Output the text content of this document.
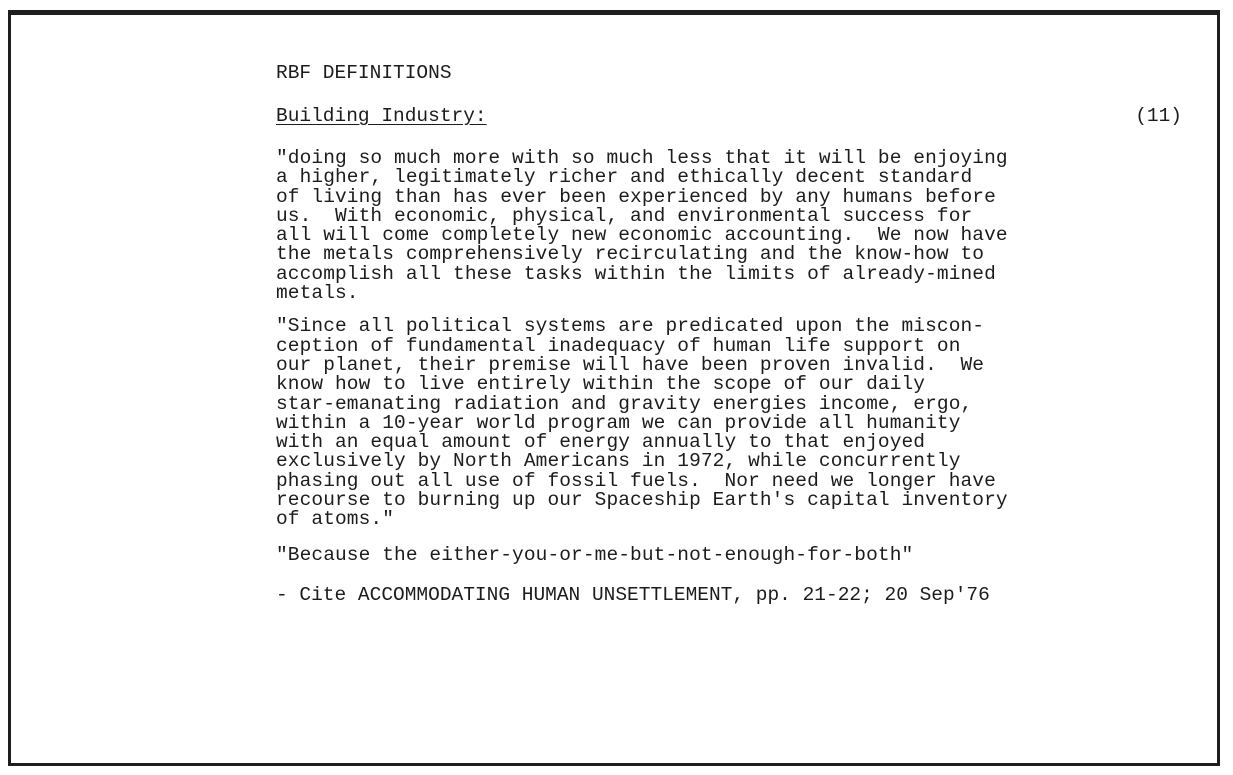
RBF DEFINITIONS
Building Industry:	(11)
"doing so much more with so much less that it will be enjoying
a higher, legitimately richer and ethically decent standard
of living than has ever been experienced by any humans before
us.  With economic, physical, and environmental success for
all will come completely new economic accounting.  We now have
the metals comprehensively recirculating and the know-how to
accomplish all these tasks within the limits of already-mined
metals.
"Since all political systems are predicated upon the miscon-
ception of fundamental inadequacy of human life support on
our planet, their premise will have been proven invalid.  We
know how to live entirely within the scope of our daily
star-emanating radiation and gravity energies income, ergo,
within a 10-year world program we can provide all humanity
with an equal amount of energy annually to that enjoyed
exclusively by North Americans in 1972, while concurrently
phasing out all use of fossil fuels.  Nor need we longer have
recourse to burning up our Spaceship Earth's capital inventory
of atoms."
"Because the either-you-or-me-but-not-enough-for-both"
- Cite ACCOMMODATING HUMAN UNSETTLEMENT, pp. 21-22; 20 Sep'76
